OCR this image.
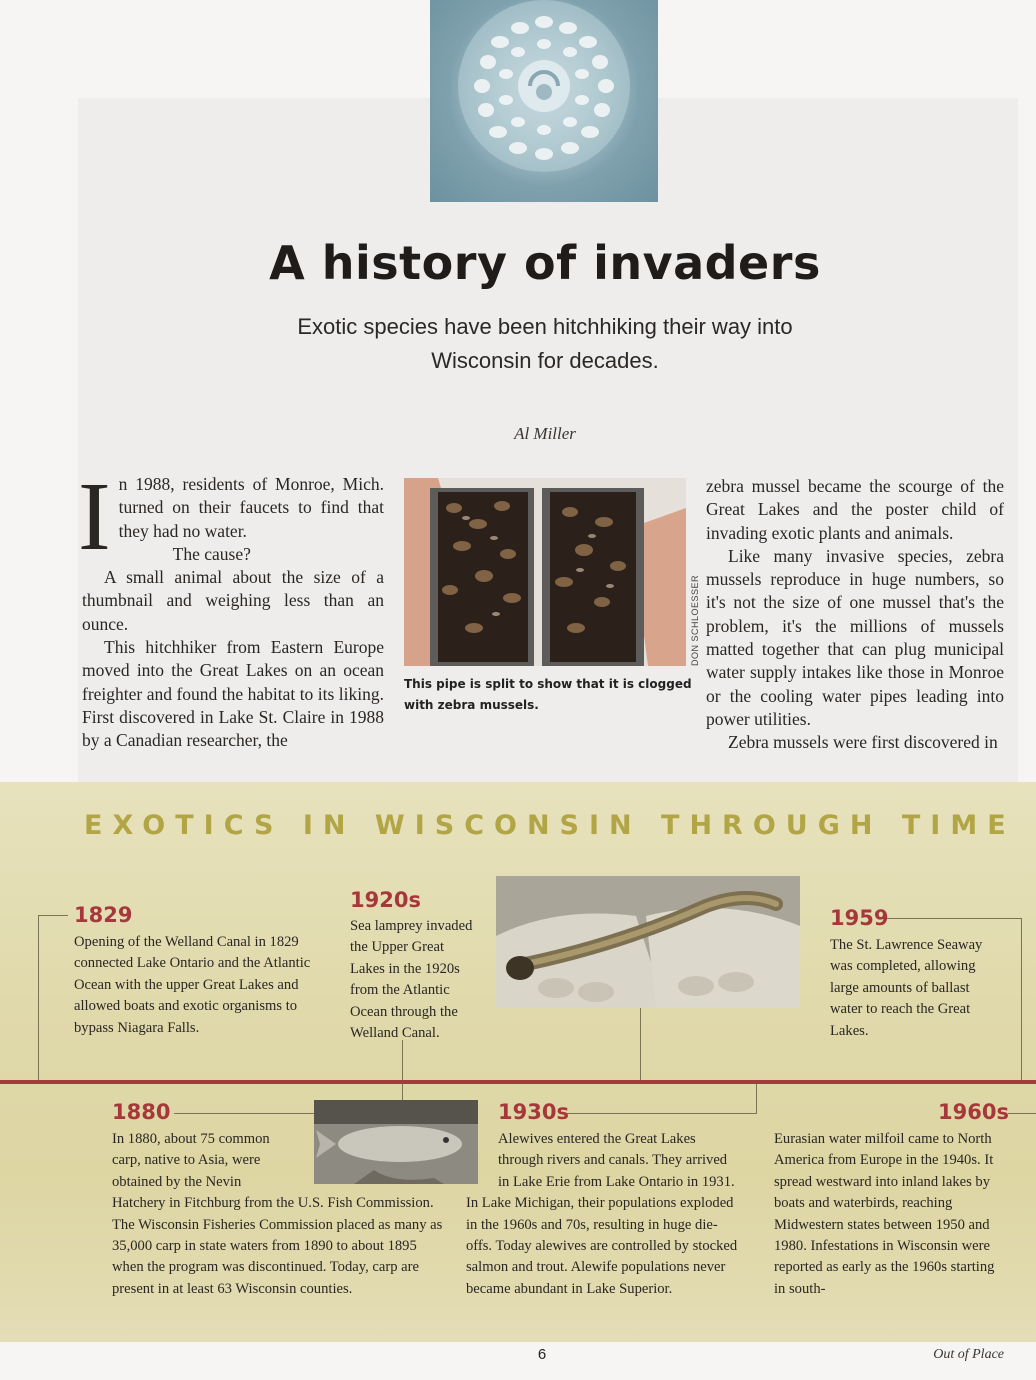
A history of invaders
Exotic species have been hitchhiking their way into Wisconsin for decades.
Al Miller
I n 1988, residents of Monroe, Mich. turned on their faucets to find that they had no water.

The cause?

A small animal about the size of a thumbnail and weighing less than an ounce.

This hitchhiker from Eastern Europe moved into the Great Lakes on an ocean freighter and found the habitat to its liking. First discovered in Lake St. Claire in 1988 by a Canadian researcher, the

DON SCHLOESSER
This pipe is split to show that it is clogged with zebra mussels.

zebra mussel became the scourge of the Great Lakes and the poster child of invading exotic plants and animals.

Like many invasive species, zebra mussels reproduce in huge numbers, so it's not the size of one mussel that's the problem, it's the millions of mussels matted together that can plug municipal water supply intakes like those in Monroe or the cooling water pipes leading into power utilities.

Zebra mussels were first discovered in

EXOTICS IN WISCONSIN THROUGH TIME
1829
Opening of the Welland Canal in 1829 connected Lake Ontario and the Atlantic Ocean with the upper Great Lakes and allowed boats and exotic organisms to bypass Niagara Falls.
1920s
Sea lamprey invaded the Upper Great Lakes in the 1920s from the Atlantic Ocean through the Welland Canal.
1959
The St. Lawrence Seaway was completed, allowing large amounts of ballast water to reach the Great Lakes.
1880
In 1880, about 75 common carp, native to Asia, were obtained by the Nevin Hatchery in Fitchburg from the U.S. Fish Commission. The Wisconsin Fisheries Commission placed as many as 35,000 carp in state waters from 1890 to about 1895 when the program was discontinued. Today, carp are present in at least 63 Wisconsin counties.
1930s
Alewives entered the Great Lakes through rivers and canals. They arrived in Lake Erie from Lake Ontario in 1931. In Lake Michigan, their populations exploded in the 1960s and 70s, resulting in huge die-offs. Today alewives are controlled by stocked salmon and trout. Alewife populations never became abundant in Lake Superior.
1960s
Eurasian water milfoil came to North America from Europe in the 1940s. It spread westward into inland lakes by boats and waterbirds, reaching Midwestern states between 1950 and 1980. Infestations in Wisconsin were reported as early as the 1960s starting in south-
6	Out of Place
